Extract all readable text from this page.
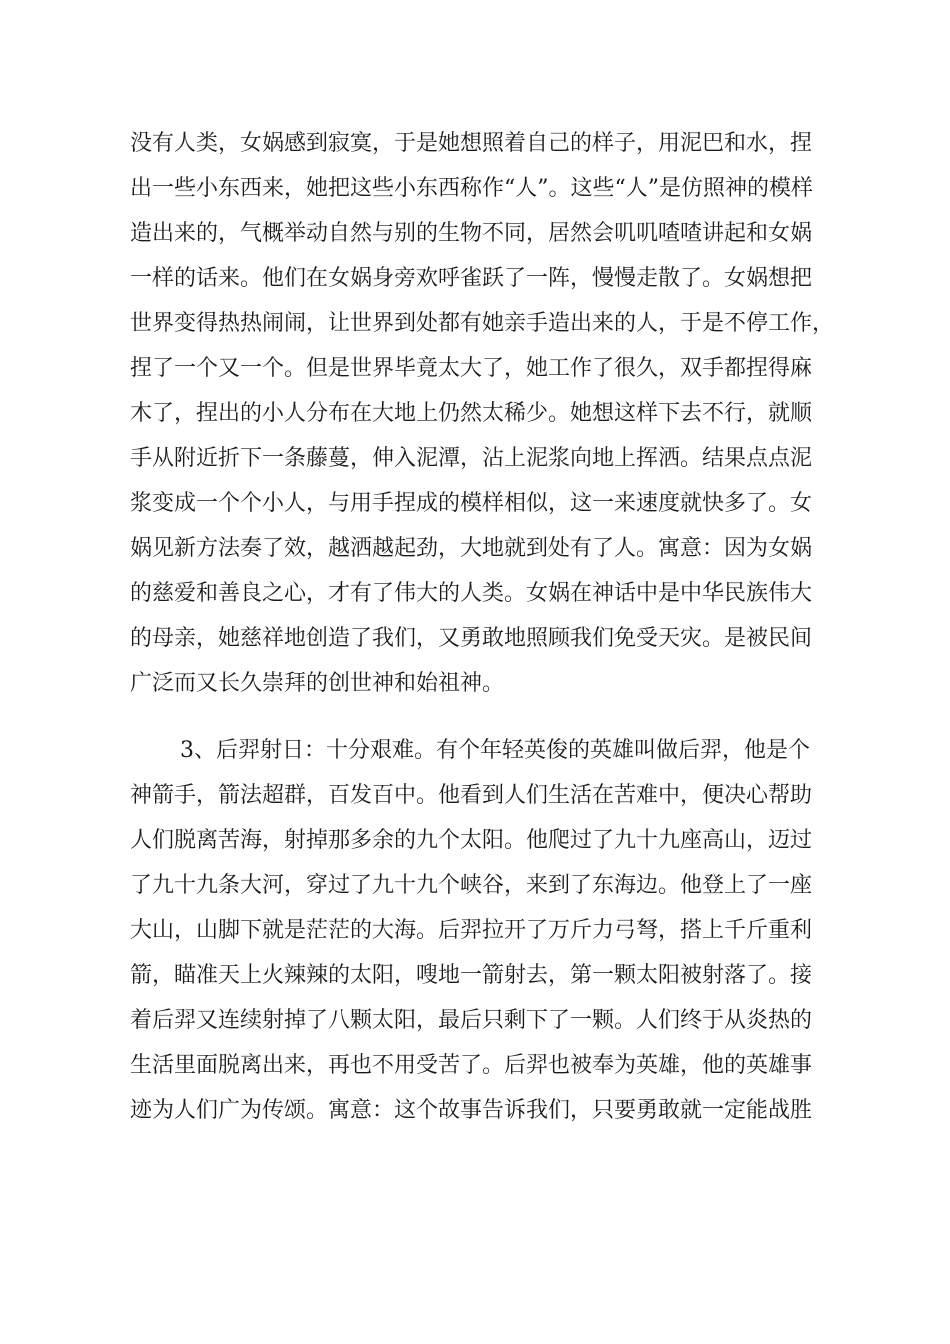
没有人类，女娲感到寂寞，于是她想照着自己的样子，用泥巴和水，捏
出一些小东西来，她把这些小东西称作“人”。这些“人”是仿照神的模样
造出来的，气概举动自然与别的生物不同，居然会叽叽喳喳讲起和女娲
一样的话来。他们在女娲身旁欢呼雀跃了一阵，慢慢走散了。女娲想把
世界变得热热闹闹，让世界到处都有她亲手造出来的人，于是不停工作，
捏了一个又一个。但是世界毕竟太大了，她工作了很久，双手都捏得麻
木了，捏出的小人分布在大地上仍然太稀少。她想这样下去不行，就顺
手从附近折下一条藤蔓，伸入泥潭，沾上泥浆向地上挥洒。结果点点泥
浆变成一个个小人，与用手捏成的模样相似，这一来速度就快多了。女
娲见新方法奏了效，越洒越起劲，大地就到处有了人。寓意：因为女娲
的慈爱和善良之心，才有了伟大的人类。女娲在神话中是中华民族伟大
的母亲，她慈祥地创造了我们，又勇敢地照顾我们免受天灾。是被民间
广泛而又长久崇拜的创世神和始祖神。
3、后羿射日：十分艰难。有个年轻英俊的英雄叫做后羿，他是个
神箭手，箭法超群，百发百中。他看到人们生活在苦难中，便决心帮助
人们脱离苦海，射掉那多余的九个太阳。他爬过了九十九座高山，迈过
了九十九条大河，穿过了九十九个峡谷，来到了东海边。他登上了一座
大山，山脚下就是茫茫的大海。后羿拉开了万斤力弓弩，搭上千斤重利
箭，瞄准天上火辣辣的太阳，嗖地一箭射去，第一颗太阳被射落了。接
着后羿又连续射掉了八颗太阳，最后只剩下了一颗。人们终于从炎热的
生活里面脱离出来，再也不用受苦了。后羿也被奉为英雄，他的英雄事
迹为人们广为传颂。寓意：这个故事告诉我们，只要勇敢就一定能战胜
